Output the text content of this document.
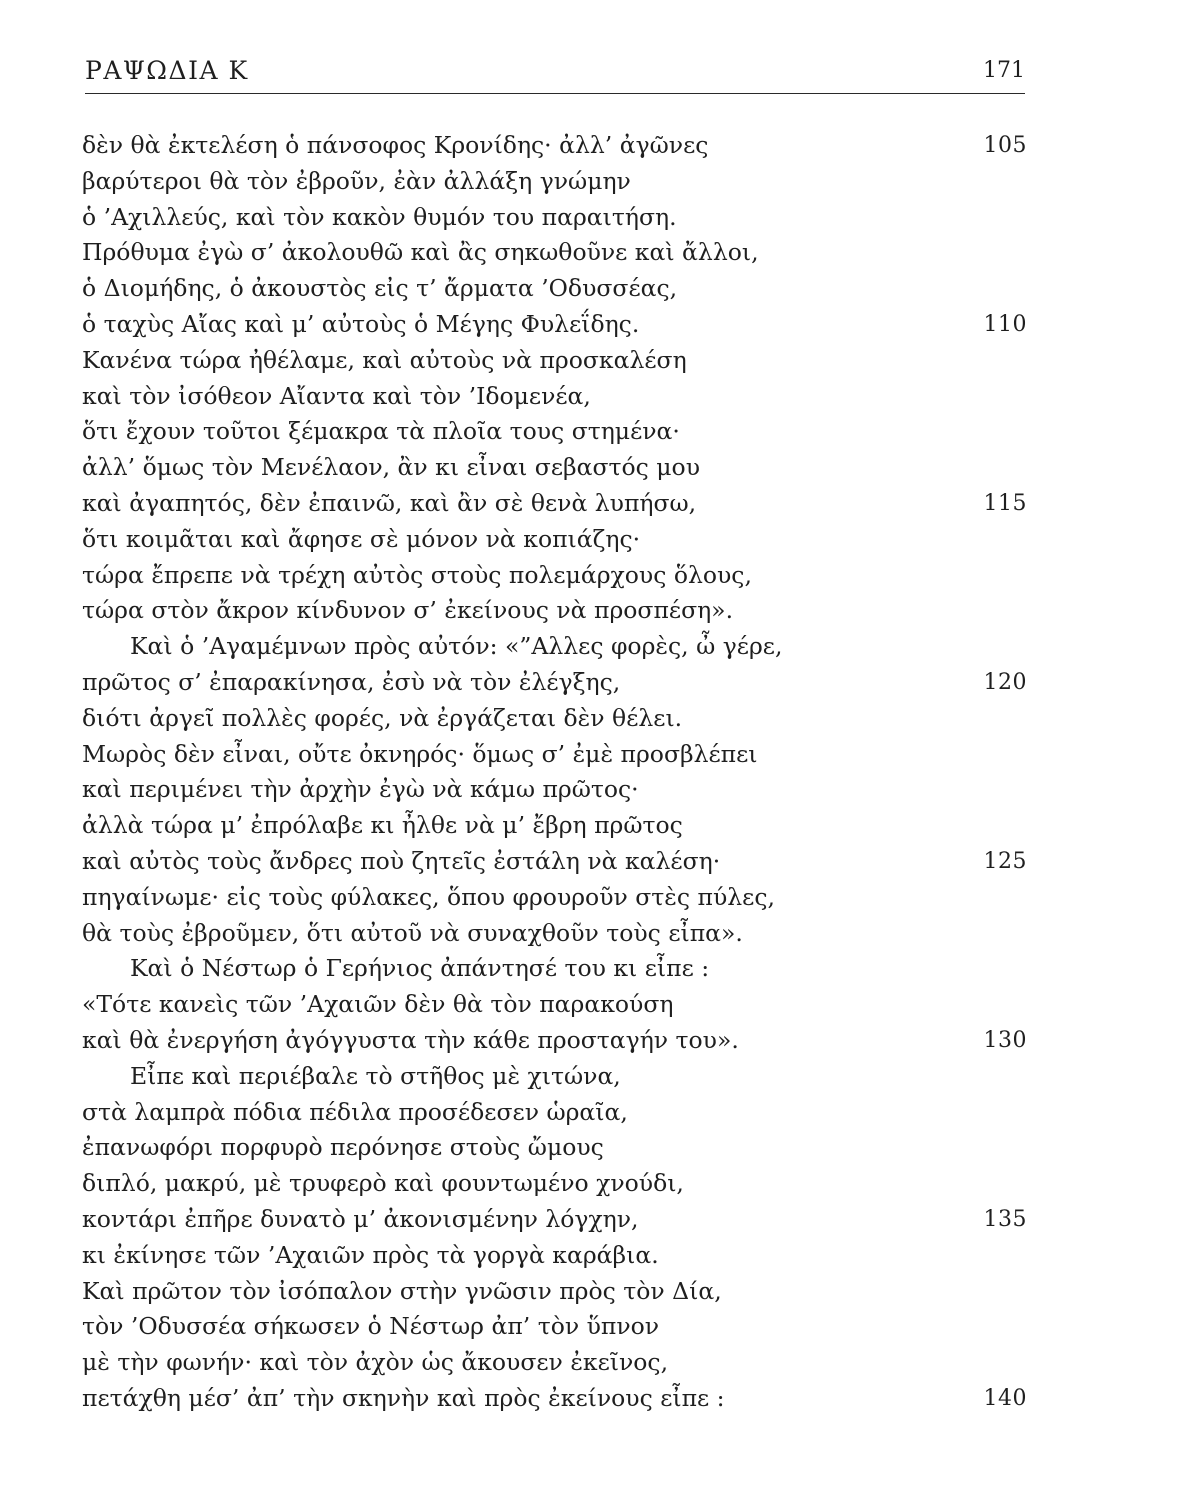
ΡΑΨΩΔΙΑ Κ	171
δὲν θὰ ἐκτελέση ὁ πάνσοφος Κρονίδης· ἀλλ’ ἀγῶνες	105
βαρύτεροι θὰ τὸν ἐβροῦν, ἐὰν ἀλλάξη γνώμην
ὁ ’Αχιλλεύς, καὶ τὸν κακὸν θυμόν του παραιτήση.
Πρόθυμα ἐγὼ σ’ ἀκολουθῶ καὶ ἂς σηκωθοῦνε καὶ ἄλλοι,
ὁ Διομήδης, ὁ ἀκουστὸς εἰς τ’ ἄρματα ’Οδυσσέας,
ὁ ταχὺς Αἴας καὶ μ’ αὐτοὺς ὁ Μέγης Φυλεΐδης.	110
Κανένα τώρα ἠθέλαμε, καὶ αὐτοὺς νὰ προσκαλέση
καὶ τὸν ἰσόθεον Αἴαντα καὶ τὸν ’Ιδομενέα,
ὅτι ἔχουν τοῦτοι ξέμακρα τὰ πλοῖα τους στημένα·
ἀλλ’ ὅμως τὸν Μενέλαον, ἂν κι εἶναι σεβαστός μου
καὶ ἀγαπητός, δὲν ἐπαινῶ, καὶ ἂν σὲ θενὰ λυπήσω,	115
ὅτι κοιμᾶται καὶ ἄφησε σὲ μόνον νὰ κοπιάζης·
τώρα ἔπρεπε νὰ τρέχη αὐτὸς στοὺς πολεμάρχους ὅλους,
τώρα στὸν ἄκρον κίνδυνον σ’ ἐκείνους νὰ προσπέση».
Καὶ ὁ ’Αγαμέμνων πρὸς αὐτόν: «”Αλλες φορὲς, ὦ γέρε,
πρῶτος σ’ ἐπαρακίνησα, ἐσὺ νὰ τὸν ἐλέγξης,	120
διότι ἀργεῖ πολλὲς φορές, νὰ ἐργάζεται δὲν θέλει.
Μωρὸς δὲν εἶναι, οὔτε ὀκνηρός· ὅμως σ’ ἐμὲ προσβλέπει
καὶ περιμένει τὴν ἀρχὴν ἐγὼ νὰ κάμω πρῶτος·
ἀλλὰ τώρα μ’ ἐπρόλαβε κι ἦλθε νὰ μ’ ἔβρη πρῶτος
καὶ αὐτὸς τοὺς ἄνδρες ποὺ ζητεῖς ἐστάλη νὰ καλέση·	125
πηγαίνωμε· εἰς τοὺς φύλακες, ὅπου φρουροῦν στὲς πύλες,
θὰ τοὺς ἐβροῦμεν, ὅτι αὐτοῦ νὰ συναχθοῦν τοὺς εἶπα».
Καὶ ὁ Νέστωρ ὁ Γερήνιος ἀπάντησέ του κι εἶπε :
«Τότε κανεὶς τῶν ’Αχαιῶν δὲν θὰ τὸν παρακούση
καὶ θὰ ἐνεργήση ἀγόγγυστα τὴν κάθε προσταγήν του».	130
Εἶπε καὶ περιέβαλε τὸ στῆθος μὲ χιτώνα,
στὰ λαμπρὰ πόδια πέδιλα προσέδεσεν ὡραῖα,
ἐπανωφόρι πορφυρὸ περόνησε στοὺς ὤμους
διπλό, μακρύ, μὲ τρυφερὸ καὶ φουντωμένο χνούδι,
κοντάρι ἐπῆρε δυνατὸ μ’ ἀκονισμένην λόγχην,	135
κι ἐκίνησε τῶν ’Αχαιῶν πρὸς τὰ γοργὰ καράβια.
Καὶ πρῶτον τὸν ἰσόπαλον στὴν γνῶσιν πρὸς τὸν Δία,
τὸν ’Οδυσσέα σήκωσεν ὁ Νέστωρ ἀπ’ τὸν ὕπνον
μὲ τὴν φωνήν· καὶ τὸν ἀχὸν ὡς ἄκουσεν ἐκεῖνος,
πετάχθη μέσ’ ἀπ’ τὴν σκηνὴν καὶ πρὸς ἐκείνους εἶπε :	140
